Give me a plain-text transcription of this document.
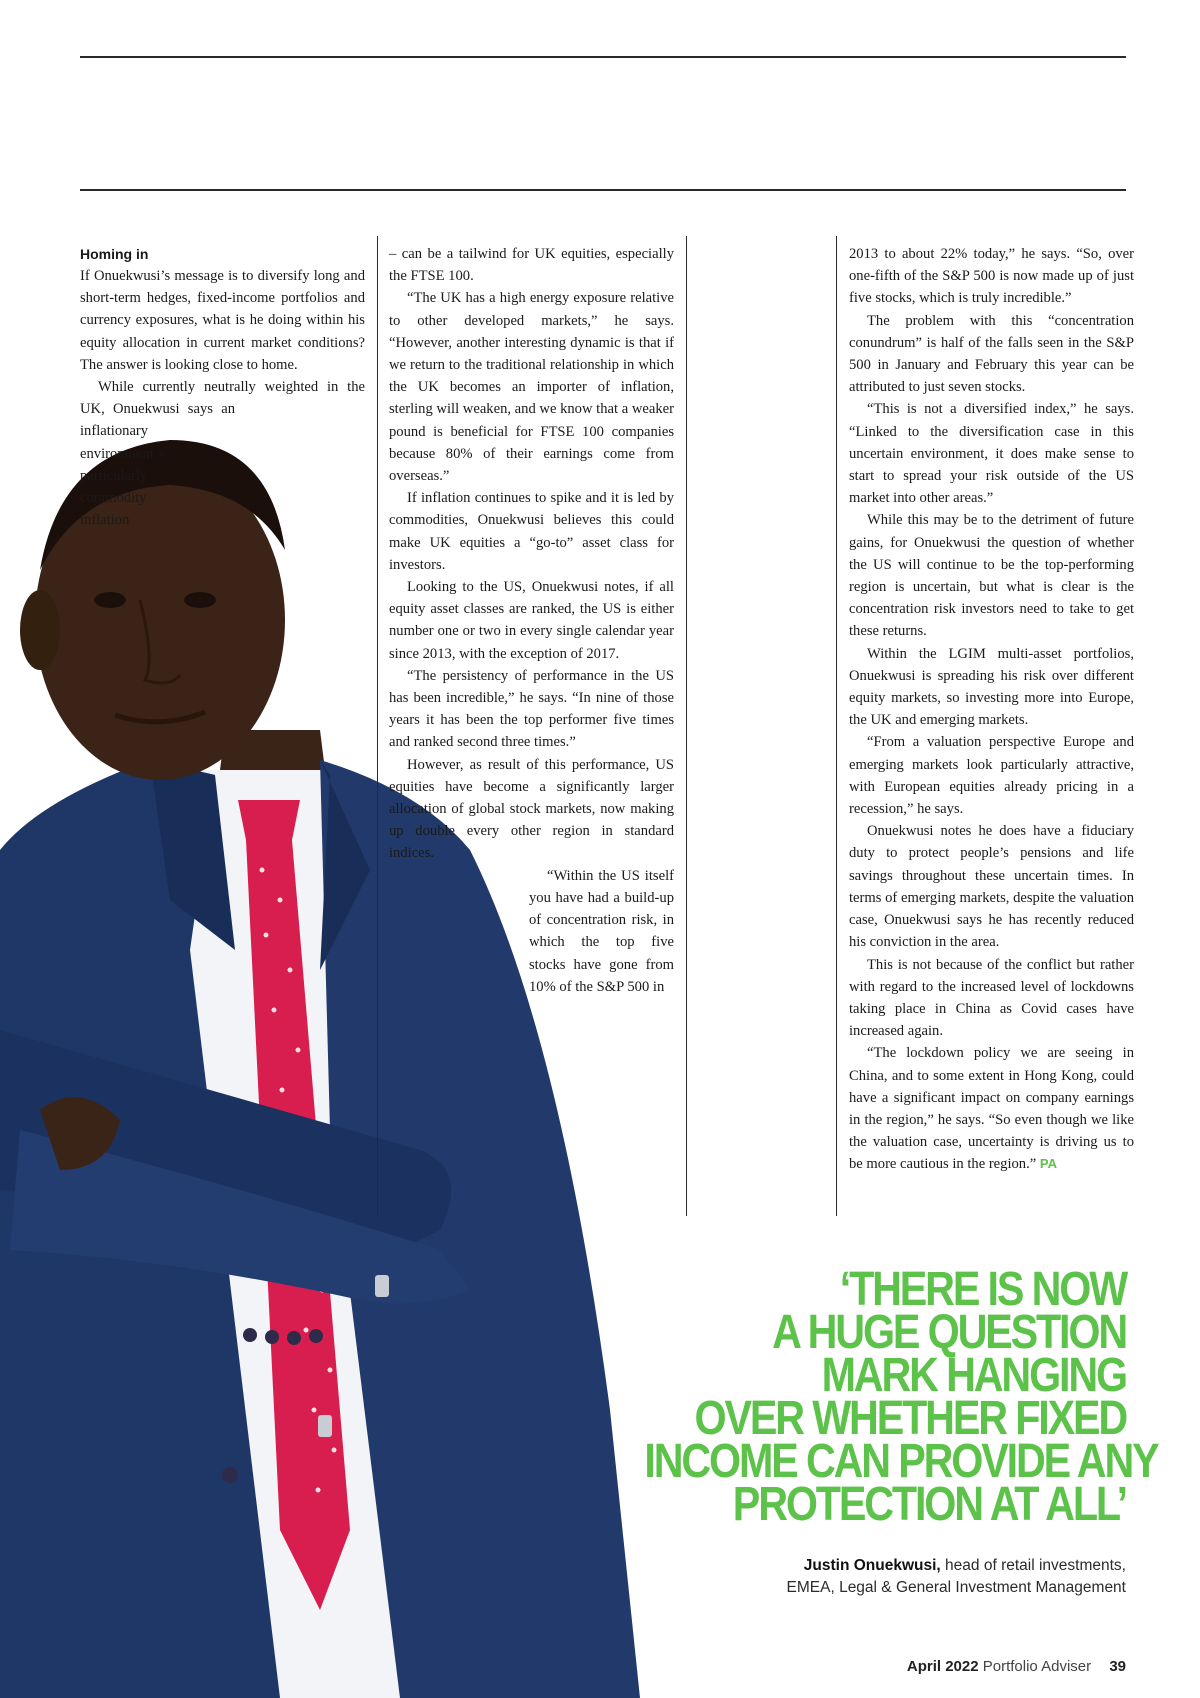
Homing in

If Onuekwusi’s message is to diversify long and short-term hedges, fixed-income portfolios and currency exposures, what is he doing within his equity allocation in current market conditions? The answer is looking close to home.

While currently neutrally weighted in the UK, Onuekwusi says an inflationary environment – particularly commodity inflation

– can be a tailwind for UK equities, especially the FTSE 100.

“The UK has a high energy exposure relative to other developed markets,” he says. “However, another interesting dynamic is that if we return to the traditional relationship in which the UK becomes an importer of inflation, sterling will weaken, and we know that a weaker pound is beneficial for FTSE 100 companies because 80% of their earnings come from overseas.”

If inflation continues to spike and it is led by commodities, Onuekwusi believes this could make UK equities a “go-to” asset class for investors.

Looking to the US, Onuekwusi notes, if all equity asset classes are ranked, the US is either number one or two in every single calendar year since 2013, with the exception of 2017.

“The persistency of performance in the US has been incredible,” he says. “In nine of those years it has been the top performer five times and ranked second three times.”

However, as result of this performance, US equities have become a significantly larger allocation of global stock markets, now making up double every other region in standard indices.

“Within the US itself you have had a build-up of concentration risk, in which the top five stocks have gone from 10% of the S&P 500 in

2013 to about 22% today,” he says. “So, over one-fifth of the S&P 500 is now made up of just five stocks, which is truly incredible.”

The problem with this “concentration conundrum” is half of the falls seen in the S&P 500 in January and February this year can be attributed to just seven stocks.

“This is not a diversified index,” he says. “Linked to the diversification case in this uncertain environment, it does make sense to start to spread your risk outside of the US market into other areas.”

While this may be to the detriment of future gains, for Onuekwusi the question of whether the US will continue to be the top-performing region is uncertain, but what is clear is the concentration risk investors need to take to get these returns.

Within the LGIM multi-asset portfolios, Onuekwusi is spreading his risk over different equity markets, so investing more into Europe, the UK and emerging markets.

“From a valuation perspective Europe and emerging markets look particularly attractive, with European equities already pricing in a recession,” he says.

Onuekwusi notes he does have a fiduciary duty to protect people’s pensions and life savings throughout these uncertain times. In terms of emerging markets, despite the valuation case, Onuekwusi says he has recently reduced his conviction in the area.

This is not because of the conflict but rather with regard to the increased level of lockdowns taking place in China as Covid cases have increased again.

“The lockdown policy we are seeing in China, and to some extent in Hong Kong, could have a significant impact on company earnings in the region,” he says. “So even though we like the valuation case, uncertainty is driving us to be more cautious in the region.” PA

‘THERE IS NOW
A HUGE QUESTION
MARK HANGING
OVER WHETHER FIXED
INCOME CAN PROVIDE ANY
PROTECTION AT ALL’
Justin Onuekwusi, head of retail investments,
EMEA, Legal & General Investment Management
April 2022 Portfolio Adviser 39
